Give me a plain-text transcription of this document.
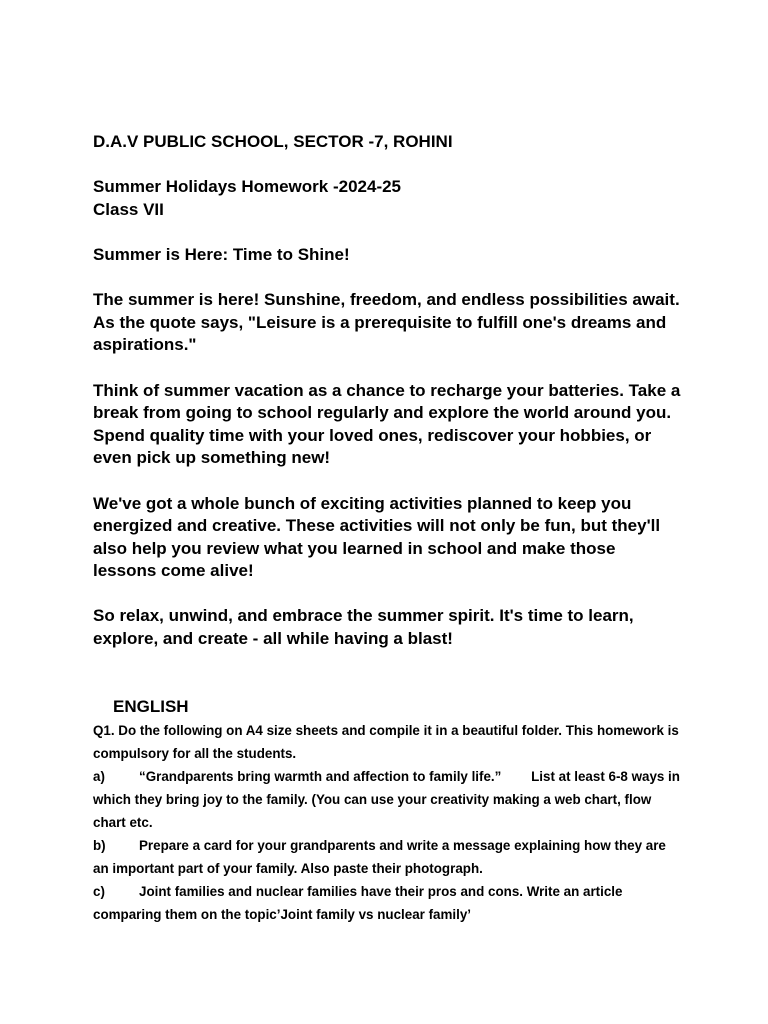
D.A.V PUBLIC SCHOOL, SECTOR -7, ROHINI

Summer Holidays Homework -2024-25

Class VII

Summer is Here: Time to Shine!

The summer is here! Sunshine, freedom, and endless possibilities await. As the quote says, "Leisure is a prerequisite to fulfill one's dreams and aspirations."

Think of summer vacation as a chance to recharge your batteries. Take a break from going to school regularly and explore the world around you. Spend quality time with your loved ones, rediscover your hobbies, or even pick up something new!

We've got a whole bunch of exciting activities planned to keep you energized and creative. These activities will not only be fun, but they'll also help you review what you learned in school and make those lessons come alive!

So relax, unwind, and embrace the summer spirit. It's time to learn, explore, and create - all while having a blast!

ENGLISH

Q1. Do the following on A4 size sheets and compile it in a beautiful folder. This homework is compulsory for all the students.

a)	“Grandparents bring warmth and affection to family life.” List at least 6-8 ways in which they bring joy to the family. (You can use your creativity making a web chart, flow chart etc.

b) Prepare a card for your grandparents and write a message explaining how they are an important part of your family. Also paste their photograph.

c)	Joint families and nuclear families have their pros and cons. Write an article comparing them on the topic’Joint family vs nuclear family’
